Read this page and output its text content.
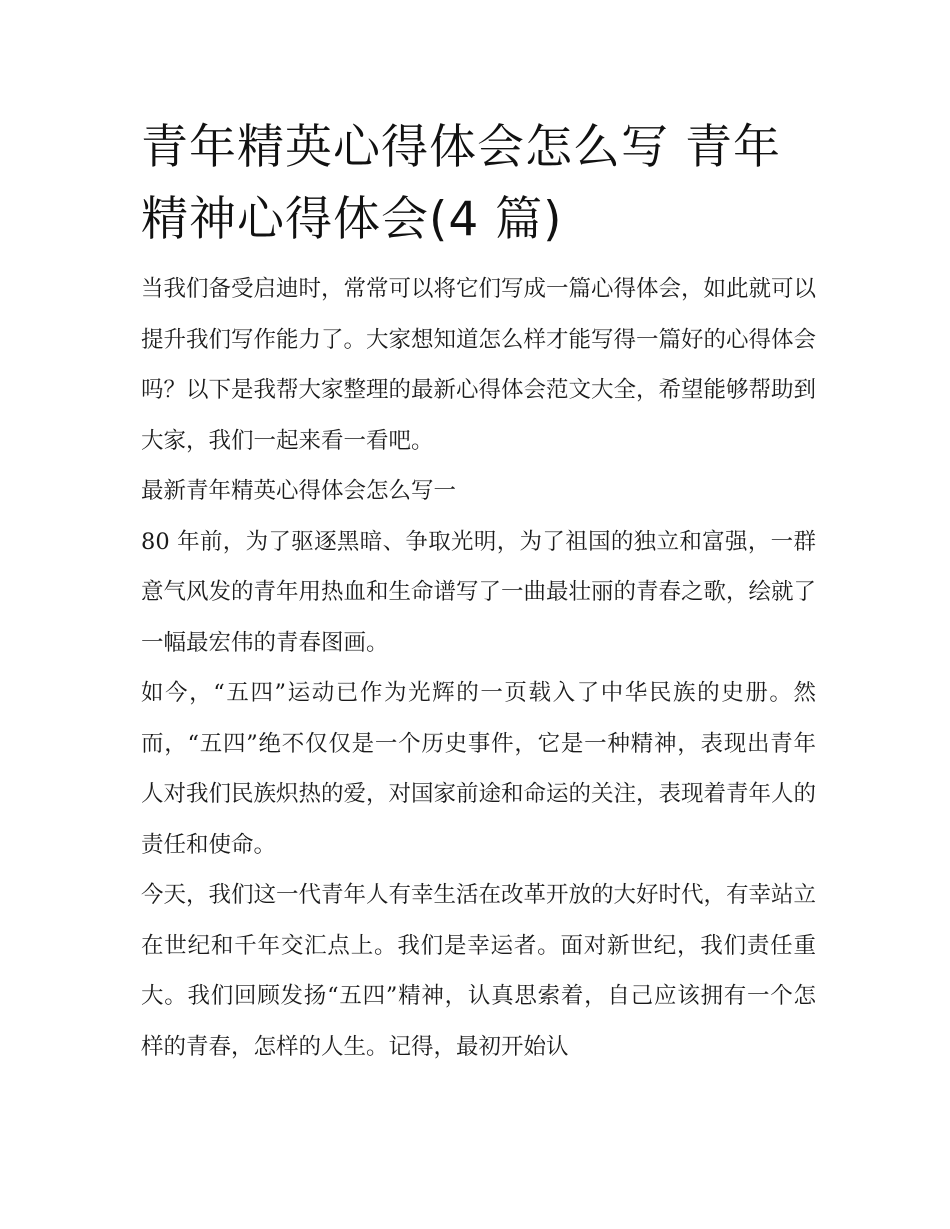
青年精英心得体会怎么写 青年精神心得体会(4 篇)

当我们备受启迪时，常常可以将它们写成一篇心得体会，如此就可以提升我们写作能力了。大家想知道怎么样才能写得一篇好的心得体会吗？以下是我帮大家整理的最新心得体会范文大全，希望能够帮助到大家，我们一起来看一看吧。

最新青年精英心得体会怎么写一

80 年前，为了驱逐黑暗、争取光明，为了祖国的独立和富强，一群意气风发的青年用热血和生命谱写了一曲最壮丽的青春之歌，绘就了一幅最宏伟的青春图画。

如今，“五四”运动已作为光辉的一页载入了中华民族的史册。然而，“五四”绝不仅仅是一个历史事件，它是一种精神，表现出青年人对我们民族炽热的爱，对国家前途和命运的关注，表现着青年人的责任和使命。

今天，我们这一代青年人有幸生活在改革开放的大好时代，有幸站立在世纪和千年交汇点上。我们是幸运者。面对新世纪，我们责任重大。我们回顾发扬“五四”精神，认真思索着，自己应该拥有一个怎样的青春，怎样的人生。记得，最初开始认
